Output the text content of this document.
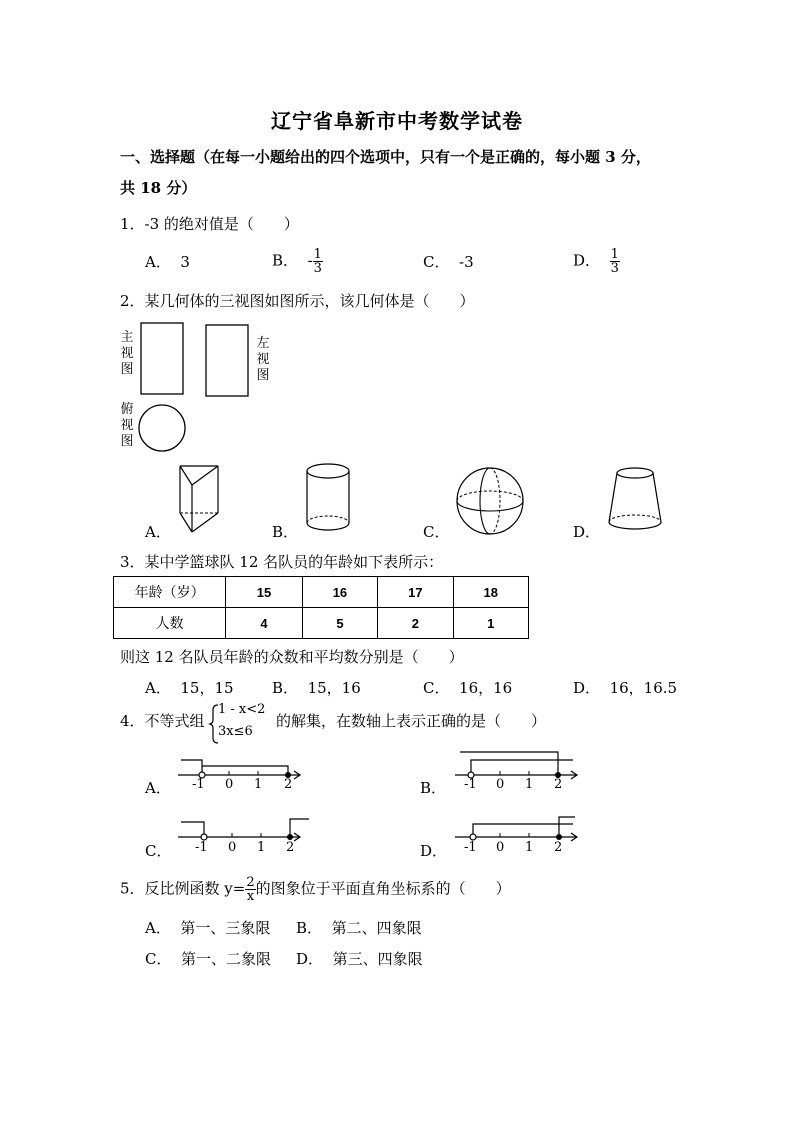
辽宁省阜新市中考数学试卷
一、选择题（在每一小题给出的四个选项中，只有一个是正确的，每小题 3 分，
共 18 分）
1．-3 的绝对值是（　　）
A． 3	B． - $\frac{1}{3}$	C． -3	D． $\frac{1}{3}$
2．某几何体的三视图如图所示，该几何体是（　　）
主
视
图
左
视
图
俯
视
图
A．	B．	C．	D．
3．某中学篮球队 12 名队员的年龄如下表所示：
年龄（岁）	15	16	17	18
人数	4	5	2	1
则这 12 名队员年龄的众数和平均数分别是（　　）
A． 15，15	B． 15，16	C． 16，16	D． 16，16.5
4．不等式组
1 - x<2
3x≤6
的解集，在数轴上表示正确的是（　　）
A． -1 0 1 2	B． -1 0 1 2
C． -1 0 1 2	D． -1 0 1 2
5．反比例函数 $y= \frac{2}{x}$ 的图象位于平面直角坐标系的（　　）
A． 第一、三象限 B． 第二、四象限
C． 第一、二象限 D． 第三、四象限
